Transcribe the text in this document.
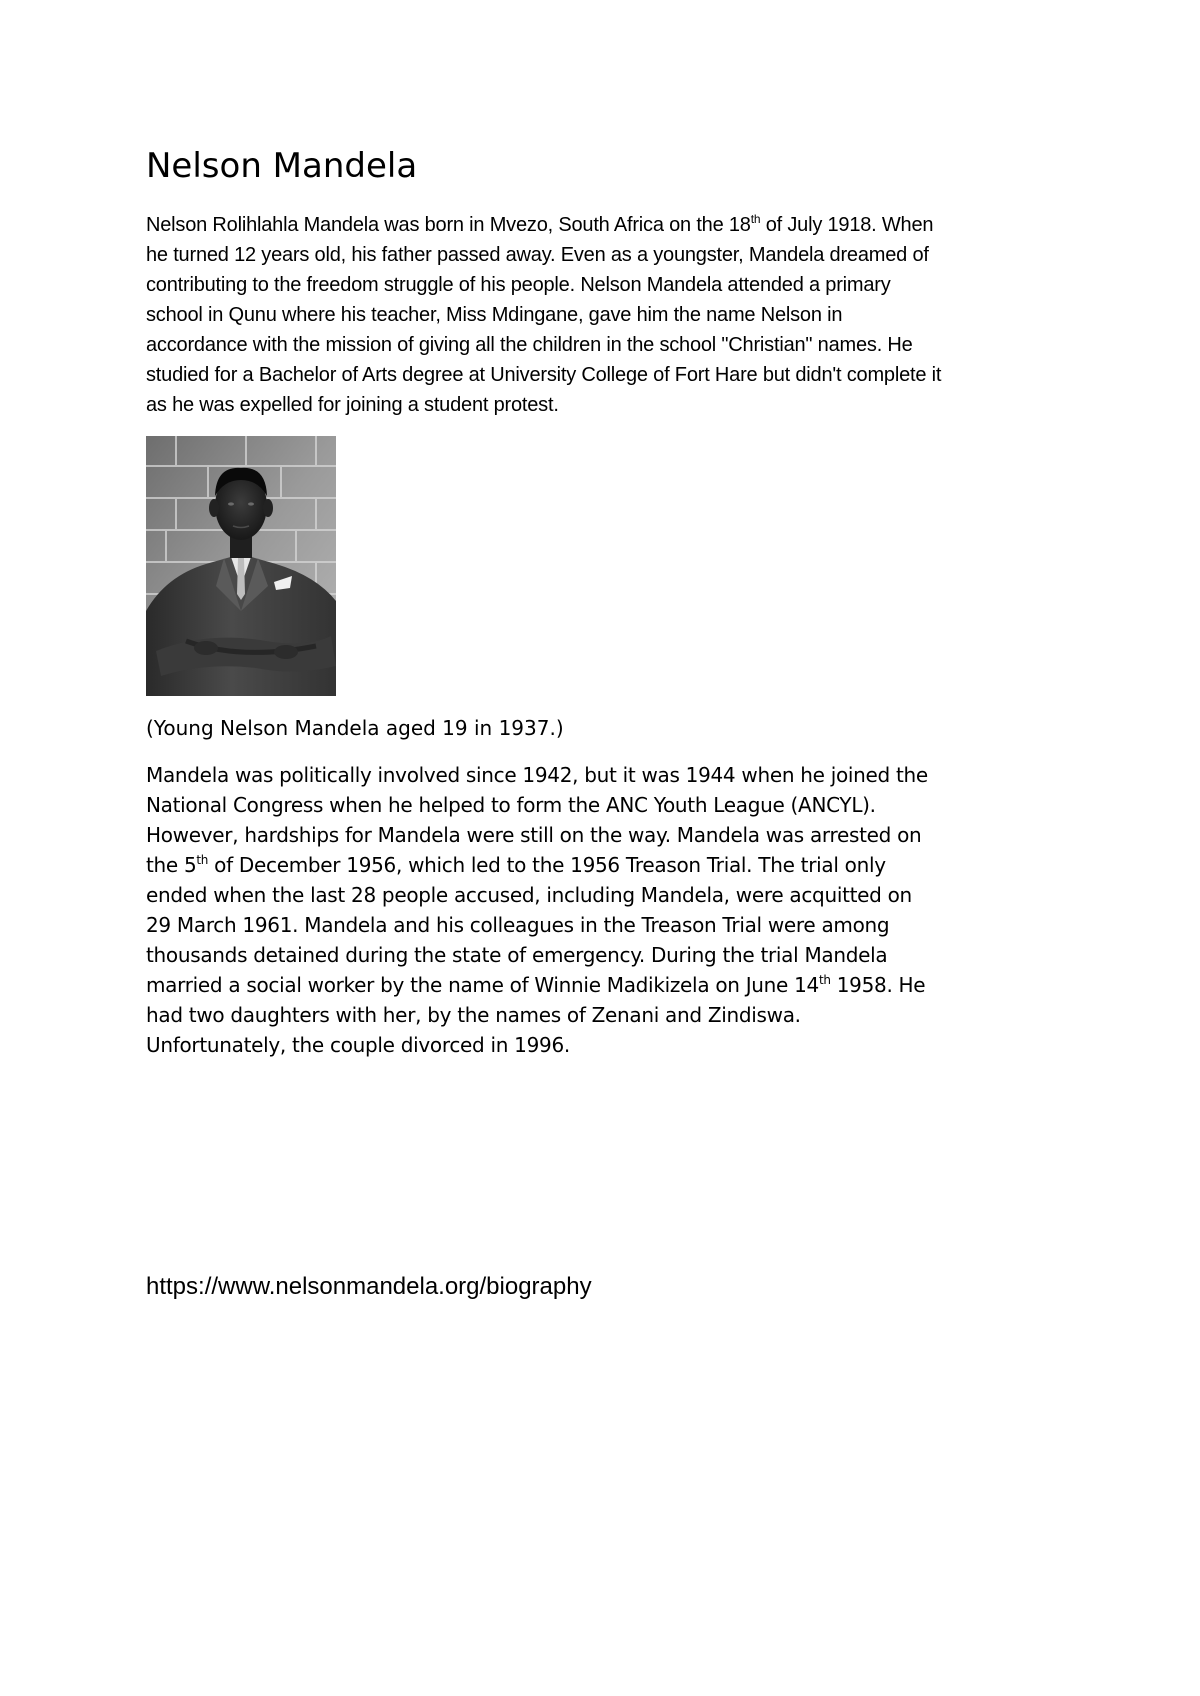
Nelson Mandela

Nelson Rolihlahla Mandela was born in Mvezo, South Africa on the 18th of July 1918. When
he turned 12 years old, his father passed away. Even as a youngster, Mandela dreamed of
contributing to the freedom struggle of his people. Nelson Mandela attended a primary
school in Qunu where his teacher, Miss Mdingane, gave him the name Nelson in
accordance with the mission of giving all the children in the school "Christian" names. He
studied for a Bachelor of Arts degree at University College of Fort Hare but didn't complete it
as he was expelled for joining a student protest.

(Young Nelson Mandela aged 19 in 1937.)

Mandela was politically involved since 1942, but it was 1944 when he joined the
National Congress when he helped to form the ANC Youth League (ANCYL).
However, hardships for Mandela were still on the way. Mandela was arrested on
the 5th of December 1956, which led to the 1956 Treason Trial. The trial only
ended when the last 28 people accused, including Mandela, were acquitted on
29 March 1961. Mandela and his colleagues in the Treason Trial were among
thousands detained during the state of emergency. During the trial Mandela
married a social worker by the name of Winnie Madikizela on June 14th 1958. He
had two daughters with her, by the names of Zenani and Zindiswa.
Unfortunately, the couple divorced in 1996.

https://www.nelsonmandela.org/biography
